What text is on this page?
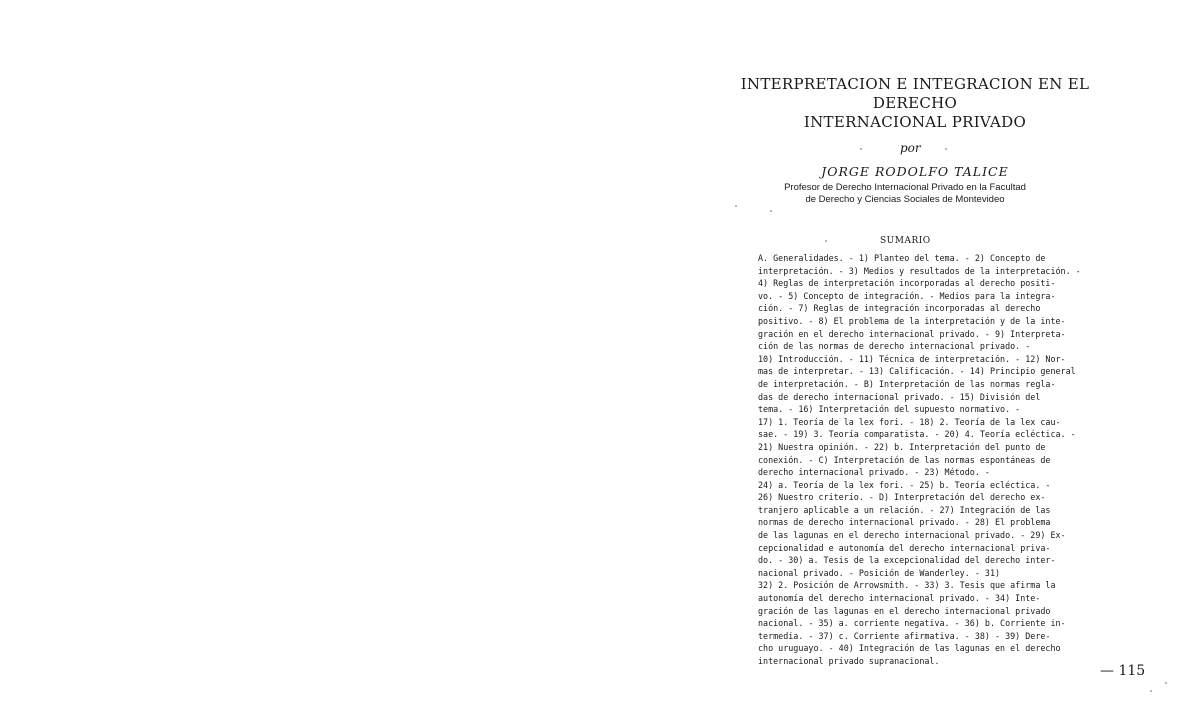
INTERPRETACION E INTEGRACION EN EL DERECHO
INTERNACIONAL PRIVADO
por
JORGE RODOLFO TALICE
Profesor de Derecho Internacional Privado en la Facultad
de Derecho y Ciencias Sociales de Montevideo
SUMARIO
A. Generalidades. - 1) Planteo del tema. - 2) Concepto de
interpretación. - 3) Medios y resultados de la interpretación. -
4) Reglas de interpretación incorporadas al derecho positi-
vo. - 5) Concepto de integración. - Medios para la integra-
ción. - 7) Reglas de integración incorporadas al derecho
positivo. - 8) El problema de la interpretación y de la inte-
gración en el derecho internacional privado. - 9) Interpreta-
ción de las normas de derecho internacional privado. -
10) Introducción. - 11) Técnica de interpretación. - 12) Nor-
mas de interpretar. - 13) Calificación. - 14) Principio general
de interpretación. - B) Interpretación de las normas regla-
das de derecho internacional privado. - 15) División del
tema. - 16) Interpretación del supuesto normativo. -
17) 1. Teoría de la lex fori. - 18) 2. Teoría de la lex cau-
sae. - 19) 3. Teoría comparatista. - 20) 4. Teoría ecléctica. -
21) Nuestra opinión. - 22) b. Interpretación del punto de
conexión. - C) Interpretación de las normas espontáneas de
derecho internacional privado. - 23) Método. -
24) a. Teoría de la lex fori. - 25) b. Teoría ecléctica. -
26) Nuestro criterio. - D) Interpretación del derecho ex-
tranjero aplicable a un relación. - 27) Integración de las
normas de derecho internacional privado. - 28) El problema
de las lagunas en el derecho internacional privado. - 29) Ex-
cepcionalidad e autonomía del derecho internacional priva-
do. - 30) a. Tesis de la excepcionalidad del derecho inter-
nacional privado. - Posición de Wanderley. - 31)
32) 2. Posición de Arrowsmith. - 33) 3. Tesis que afirma la
autonomía del derecho internacional privado. - 34) Inte-
gración de las lagunas en el derecho internacional privado
nacional. - 35) a. corriente negativa. - 36) b. Corriente in-
termedia. - 37) c. Corriente afirmativa. - 38) - 39) Dere-
cho uruguayo. - 40) Integración de las lagunas en el derecho
internacional privado supranacional.
— 115
